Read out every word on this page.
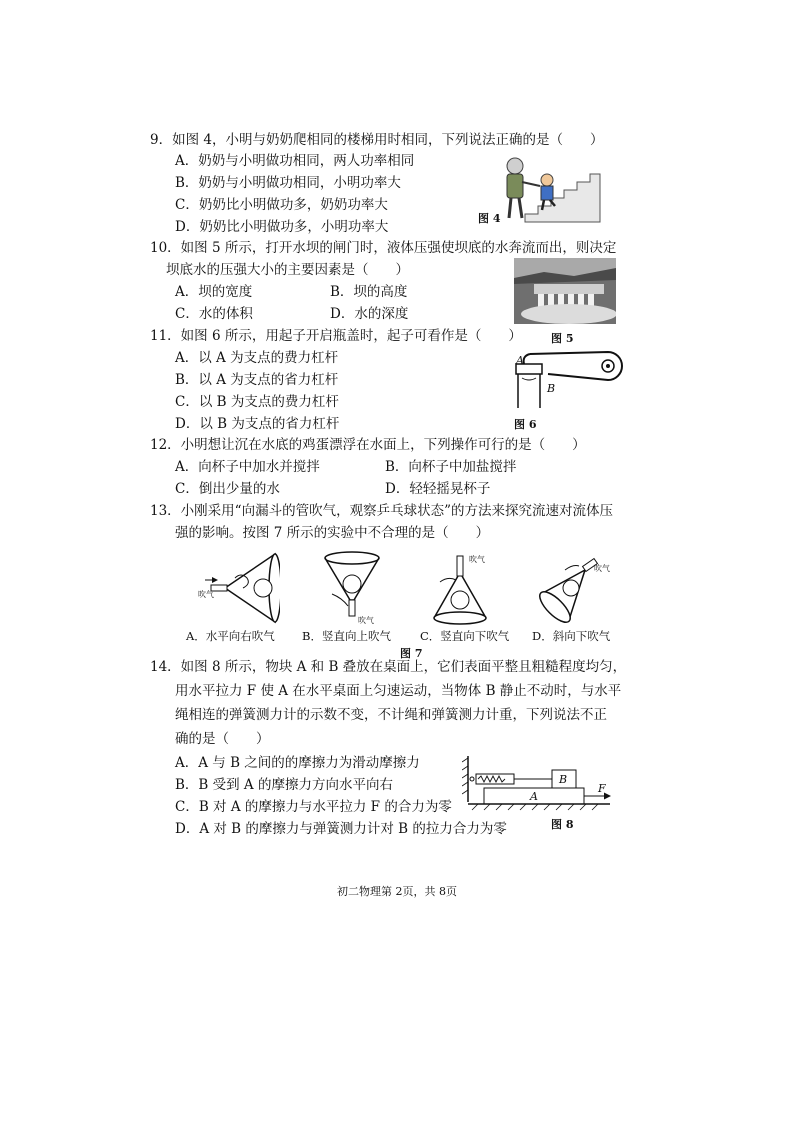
9．如图 4，小明与奶奶爬相同的楼梯用时相同，下列说法正确的是（　　）
A．奶奶与小明做功相同，两人功率相同
B．奶奶与小明做功相同，小明功率大
C．奶奶比小明做功多，奶奶功率大
D．奶奶比小明做功多，小明功率大
图 4
10．如图 5 所示，打开水坝的闸门时，液体压强使坝底的水奔流而出，则决定
坝底水的压强大小的主要因素是（　　）
A．坝的宽度	B．坝的高度
C．水的体积	D．水的深度
图 5
11．如图 6 所示，用起子开启瓶盖时，起子可看作是（　　）
A．以 A 为支点的费力杠杆
B．以 A 为支点的省力杠杆
C．以 B 为支点的费力杠杆
D．以 B 为支点的省力杠杆
A
B
图 6
12．小明想让沉在水底的鸡蛋漂浮在水面上，下列操作可行的是（　　）
A．向杯子中加水并搅拌	B．向杯子中加盐搅拌
C．倒出少量的水	D．轻轻摇晃杯子
13．小刚采用“向漏斗的管吹气，观察乒乓球状态”的方法来探究流速对流体压
强的影响。按图 7 所示的实验中不合理的是（　　）
吹气
吹气
吹气
吹气
A．水平向右吹气 B．竖直向上吹气	C．竖直向下吹气 D．斜向下吹气
图 7
14．如图 8 所示，物块 A 和 B 叠放在桌面上，它们表面平整且粗糙程度均匀，
用水平拉力 F 使 A 在水平桌面上匀速运动，当物体 B 静止不动时，与水平
绳相连的弹簧测力计的示数不变，不计绳和弹簧测力计重，下列说法不正
确的是（　　）
A．A 与 B 之间的的摩擦力为滑动摩擦力
B．B 受到 A 的摩擦力方向水平向右
C．B 对 A 的摩擦力与水平拉力 F 的合力为零
D．A 对 B 的摩擦力与弹簧测力计对 B 的拉力合力为零
B
A
F
图 8
初二物理第 2页，共 8页
